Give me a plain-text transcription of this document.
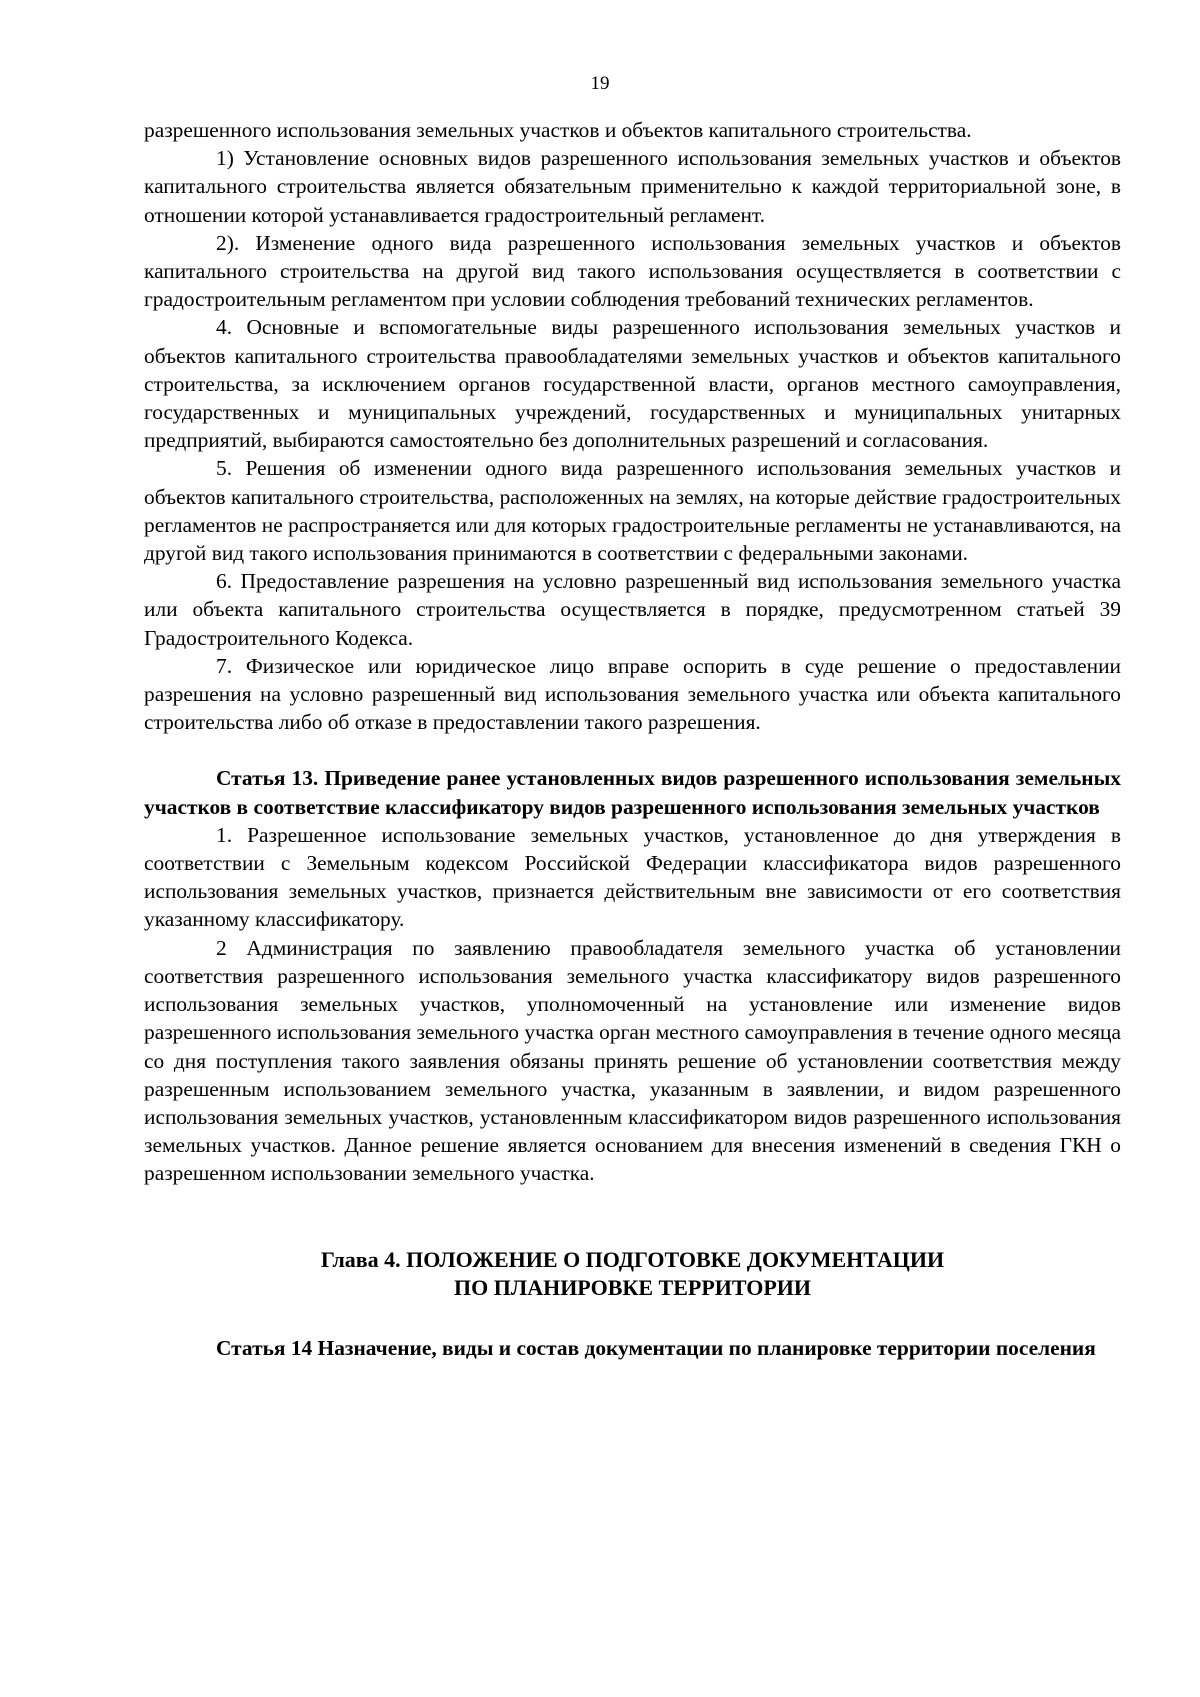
19

разрешенного использования земельных участков и объектов капитального строительства.

1) Установление основных видов разрешенного использования земельных участков и объектов капитального строительства является обязательным применительно к каждой территориальной зоне, в отношении которой устанавливается градостроительный регламент.

2). Изменение одного вида разрешенного использования земельных участков и объектов капитального строительства на другой вид такого использования осуществляется в соответствии с градостроительным регламентом при условии соблюдения требований технических регламентов.

4. Основные и вспомогательные виды разрешенного использования земельных участков и объектов капитального строительства правообладателями земельных участков и объектов капитального строительства, за исключением органов государственной власти, органов местного самоуправления, государственных и муниципальных учреждений, государственных и муниципальных унитарных предприятий, выбираются самостоятельно без дополнительных разрешений и согласования.

5. Решения об изменении одного вида разрешенного использования земельных участков и объектов капитального строительства, расположенных на землях, на которые действие градостроительных регламентов не распространяется или для которых градостроительные регламенты не устанавливаются, на другой вид такого использования принимаются в соответствии с федеральными законами.

6. Предоставление разрешения на условно разрешенный вид использования земельного участка или объекта капитального строительства осуществляется в порядке, предусмотренном статьей 39 Градостроительного Кодекса.

7. Физическое или юридическое лицо вправе оспорить в суде решение о предоставлении разрешения на условно разрешенный вид использования земельного участка или объекта капитального строительства либо об отказе в предоставлении такого разрешения.

Статья 13. Приведение ранее установленных видов разрешенного использования земельных участков в соответствие классификатору видов разрешенного использования земельных участков

1. Разрешенное использование земельных участков, установленное до дня утверждения в соответствии с Земельным кодексом Российской Федерации классификатора видов разрешенного использования земельных участков, признается действительным вне зависимости от его соответствия указанному классификатору.

2 Администрация по заявлению правообладателя земельного участка об установлении соответствия разрешенного использования земельного участка классификатору видов разрешенного использования земельных участков, уполномоченный на установление или изменение видов разрешенного использования земельного участка орган местного самоуправления в течение одного месяца со дня поступления такого заявления обязаны принять решение об установлении соответствия между разрешенным использованием земельного участка, указанным в заявлении, и видом разрешенного использования земельных участков, установленным классификатором видов разрешенного использования земельных участков. Данное решение является основанием для внесения изменений в сведения ГКН о разрешенном использовании земельного участка.

Глава 4. ПОЛОЖЕНИЕ О ПОДГОТОВКЕ ДОКУМЕНТАЦИИ
ПО ПЛАНИРОВКЕ ТЕРРИТОРИИ
Статья 14 Назначение, виды и состав документации по планировке территории поселения
